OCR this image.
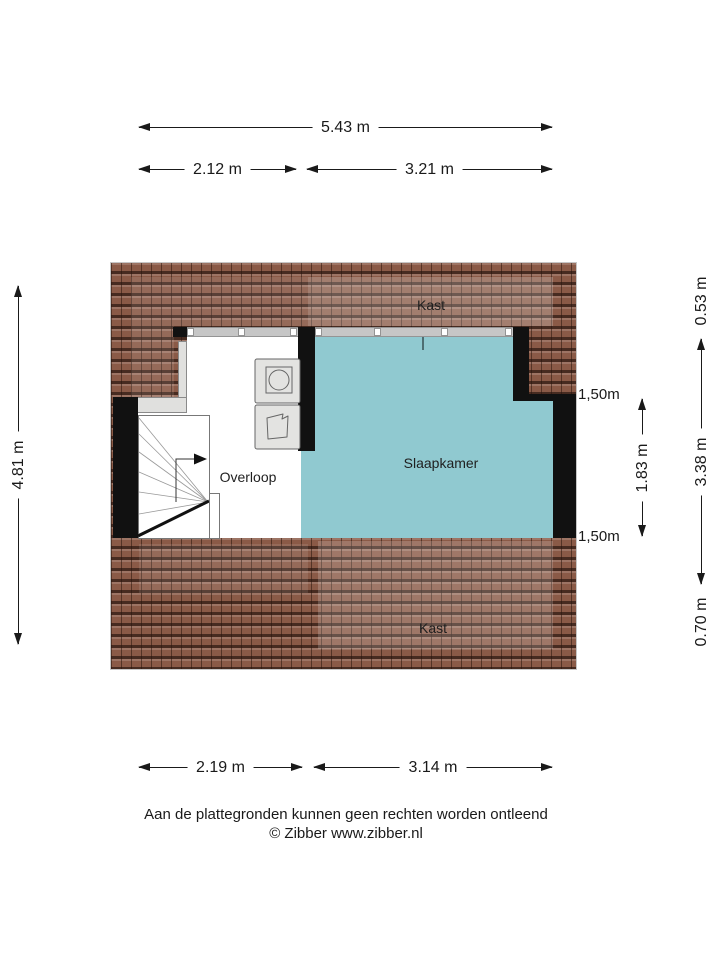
5.43 m
2.12 m	3.21 m
4.81 m
0.53 m
3.38 m
0.70 m
1.83 m
1,50m
1,50m
Kast
Slaapkamer
Overloop
Kast
2.19 m	3.14 m
Aan de plattegronden kunnen geen rechten worden ontleend
© Zibber www.zibber.nl
